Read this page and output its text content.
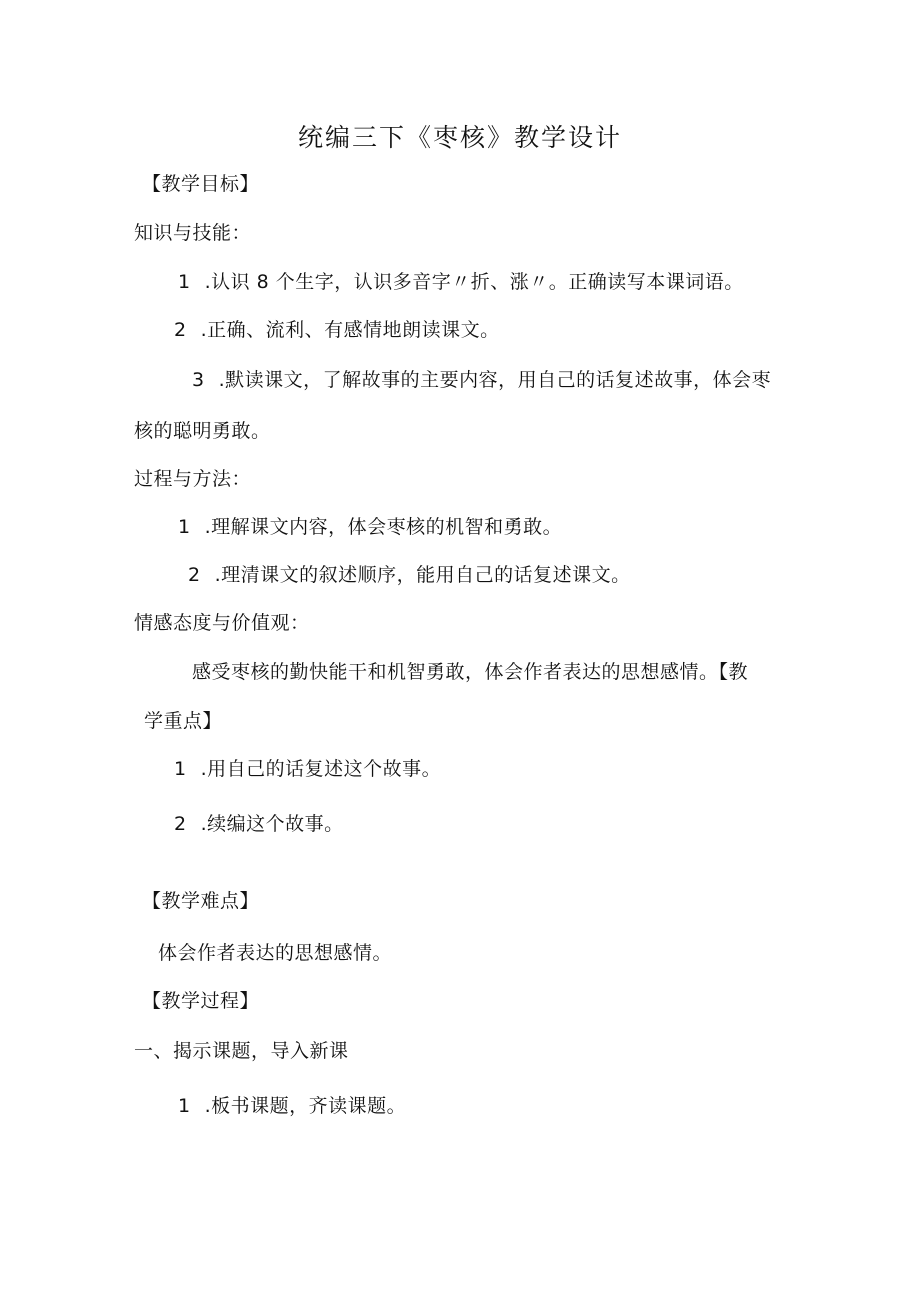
统编三下《枣核》教学设计
【教学目标】
知识与技能：
1 .认识 8 个生字，认识多音字〃折、涨〃。正确读写本课词语。
2 .正确、流利、有感情地朗读课文。
3 .默读课文，了解故事的主要内容，用自己的话复述故事，体会枣
核的聪明勇敢。
过程与方法：
1 .理解课文内容，体会枣核的机智和勇敢。
2 .理清课文的叙述顺序，能用自己的话复述课文。
情感态度与价值观：
感受枣核的勤快能干和机智勇敢，体会作者表达的思想感情。【教
学重点】
1 .用自己的话复述这个故事。
2 .续编这个故事。
【教学难点】
体会作者表达的思想感情。
【教学过程】
一、揭示课题，导入新课
1 .板书课题，齐读课题。
